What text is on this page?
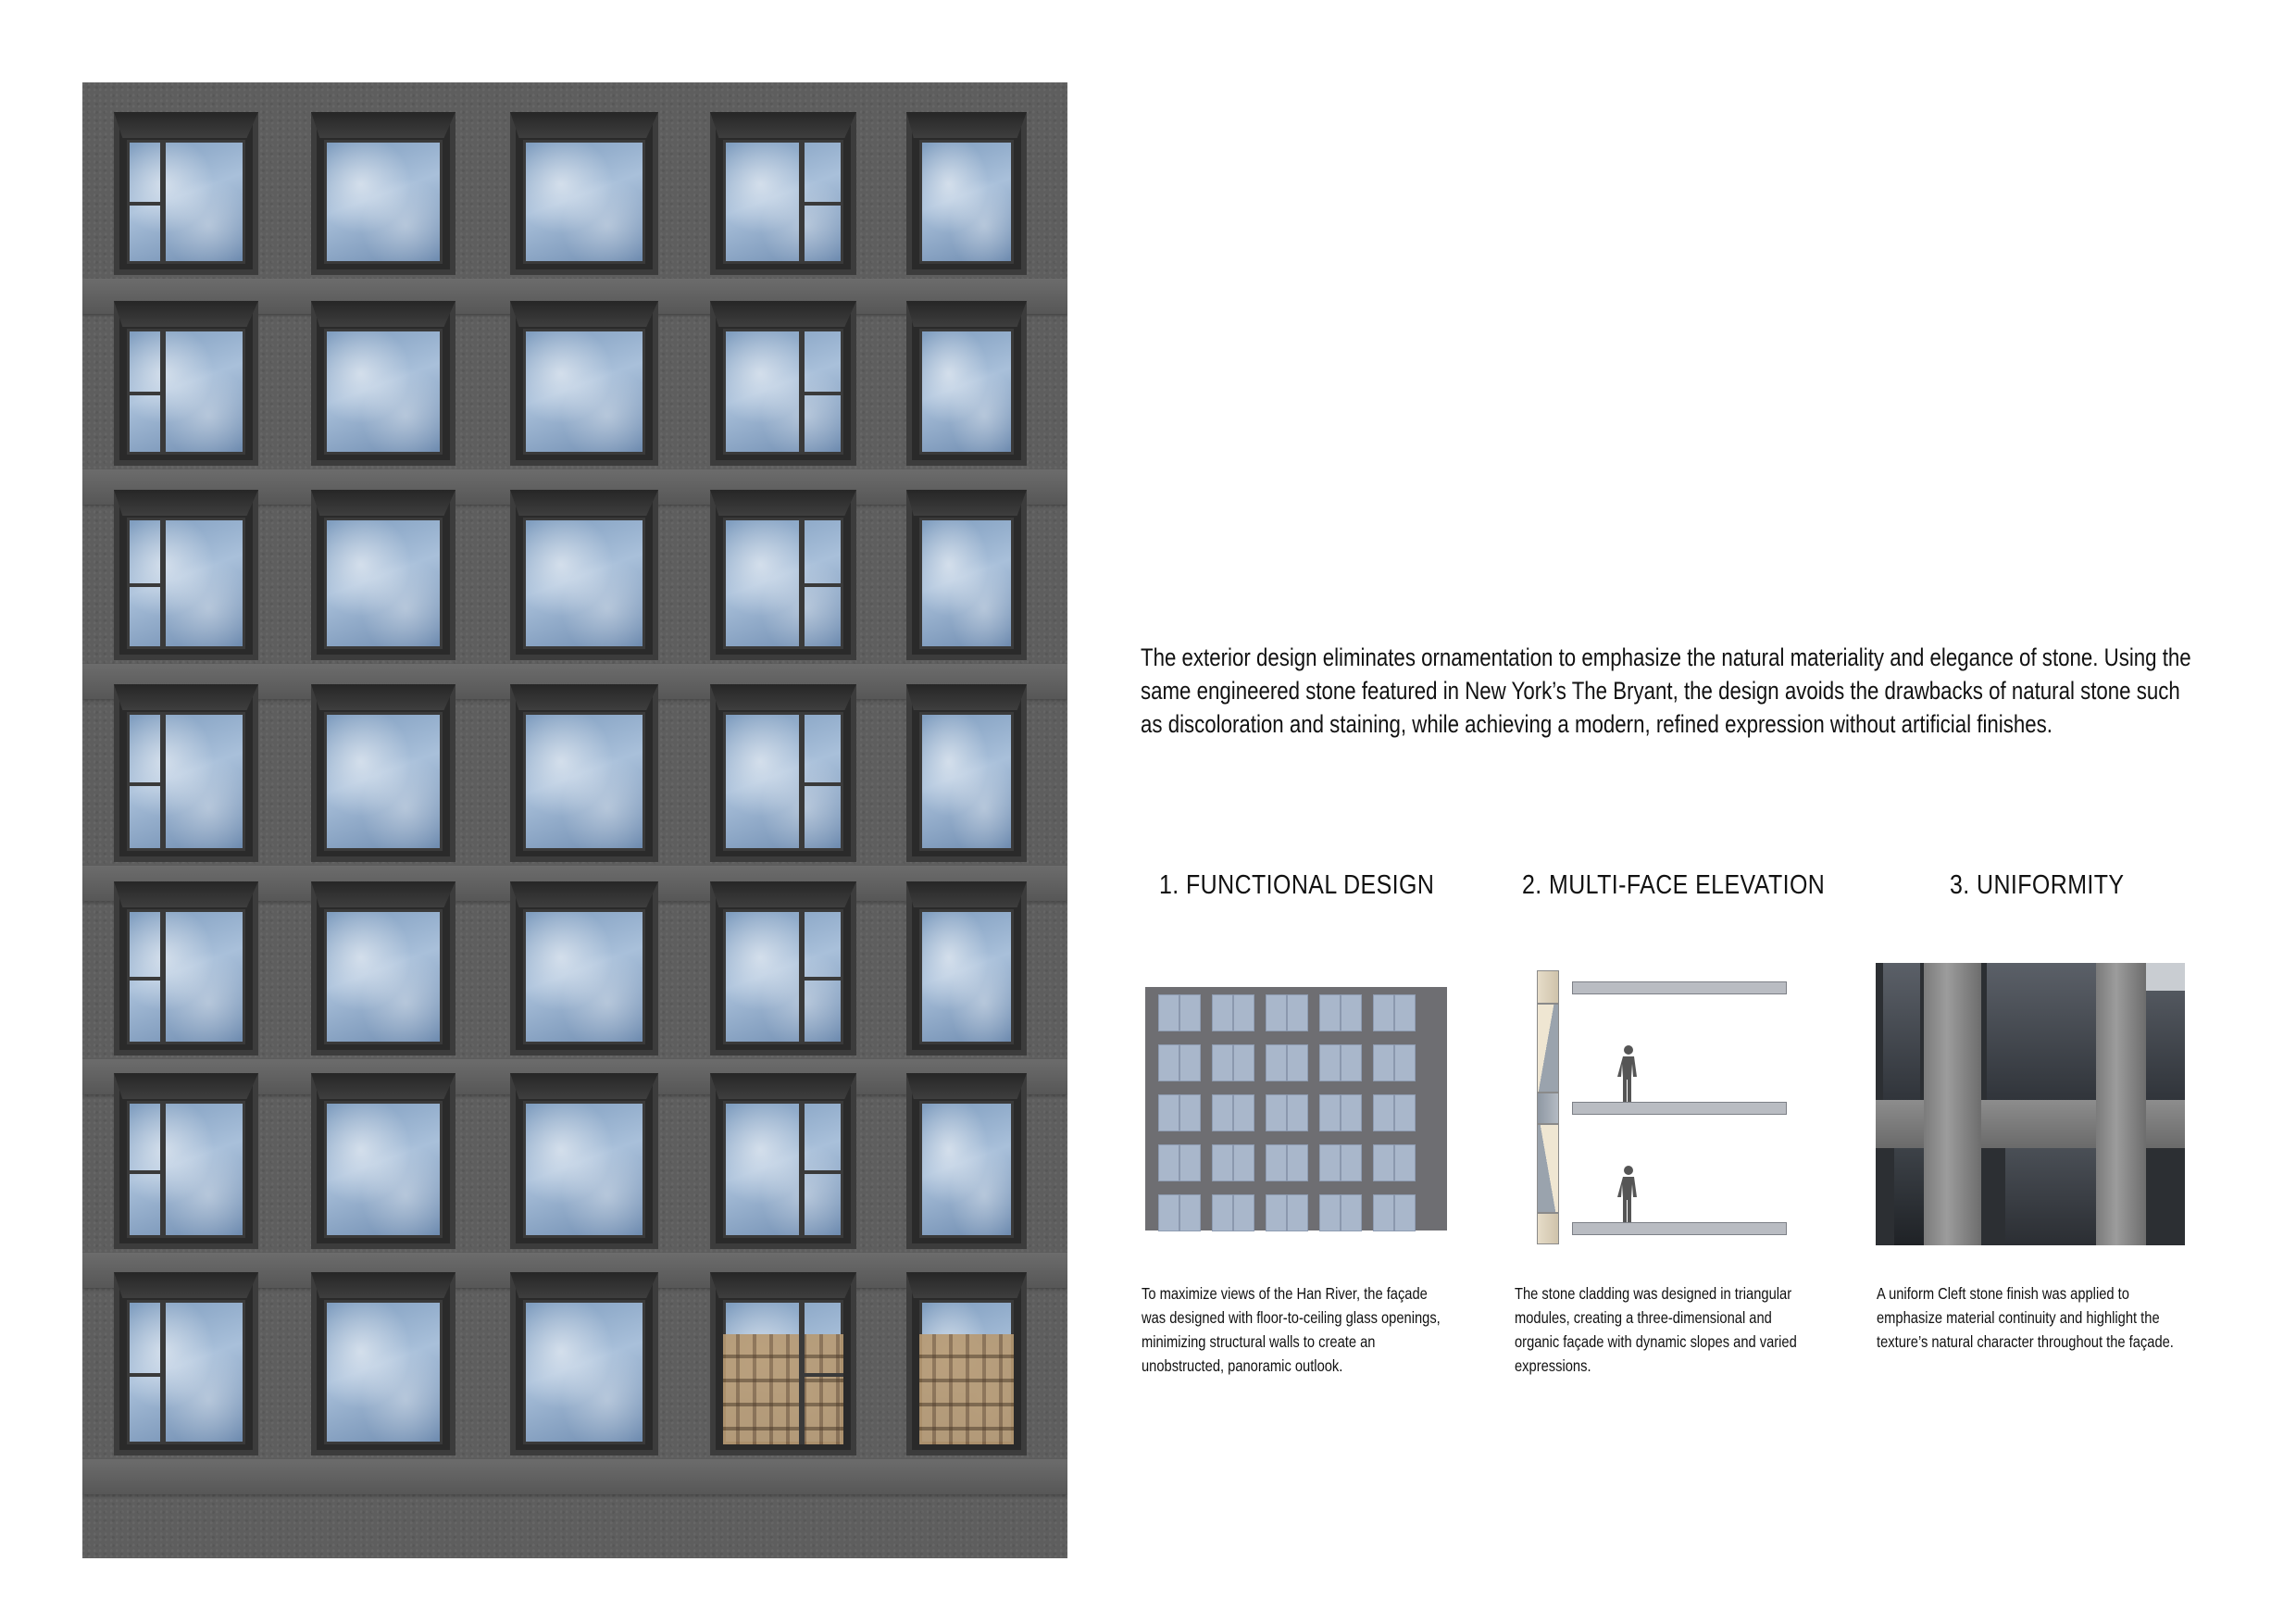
The exterior design eliminates ornamentation to emphasize the natural materiality and elegance of stone. Using the same engineered stone featured in New York’s The Bryant, the design avoids the drawbacks of natural stone such as discoloration and staining, while achieving a modern, refined expression without artificial finishes.
1. FUNCTIONAL DESIGN	2. MULTI-FACE ELEVATION	3. UNIFORMITY
To maximize views of the Han River, the façade was designed with floor-to-ceiling glass openings, minimizing structural walls to create an unobstructed, panoramic outlook.
The stone cladding was designed in triangular modules, creating a three-dimensional and organic façade with dynamic slopes and varied expressions.
A uniform Cleft stone finish was applied to emphasize material continuity and highlight the texture’s natural character throughout the façade.
